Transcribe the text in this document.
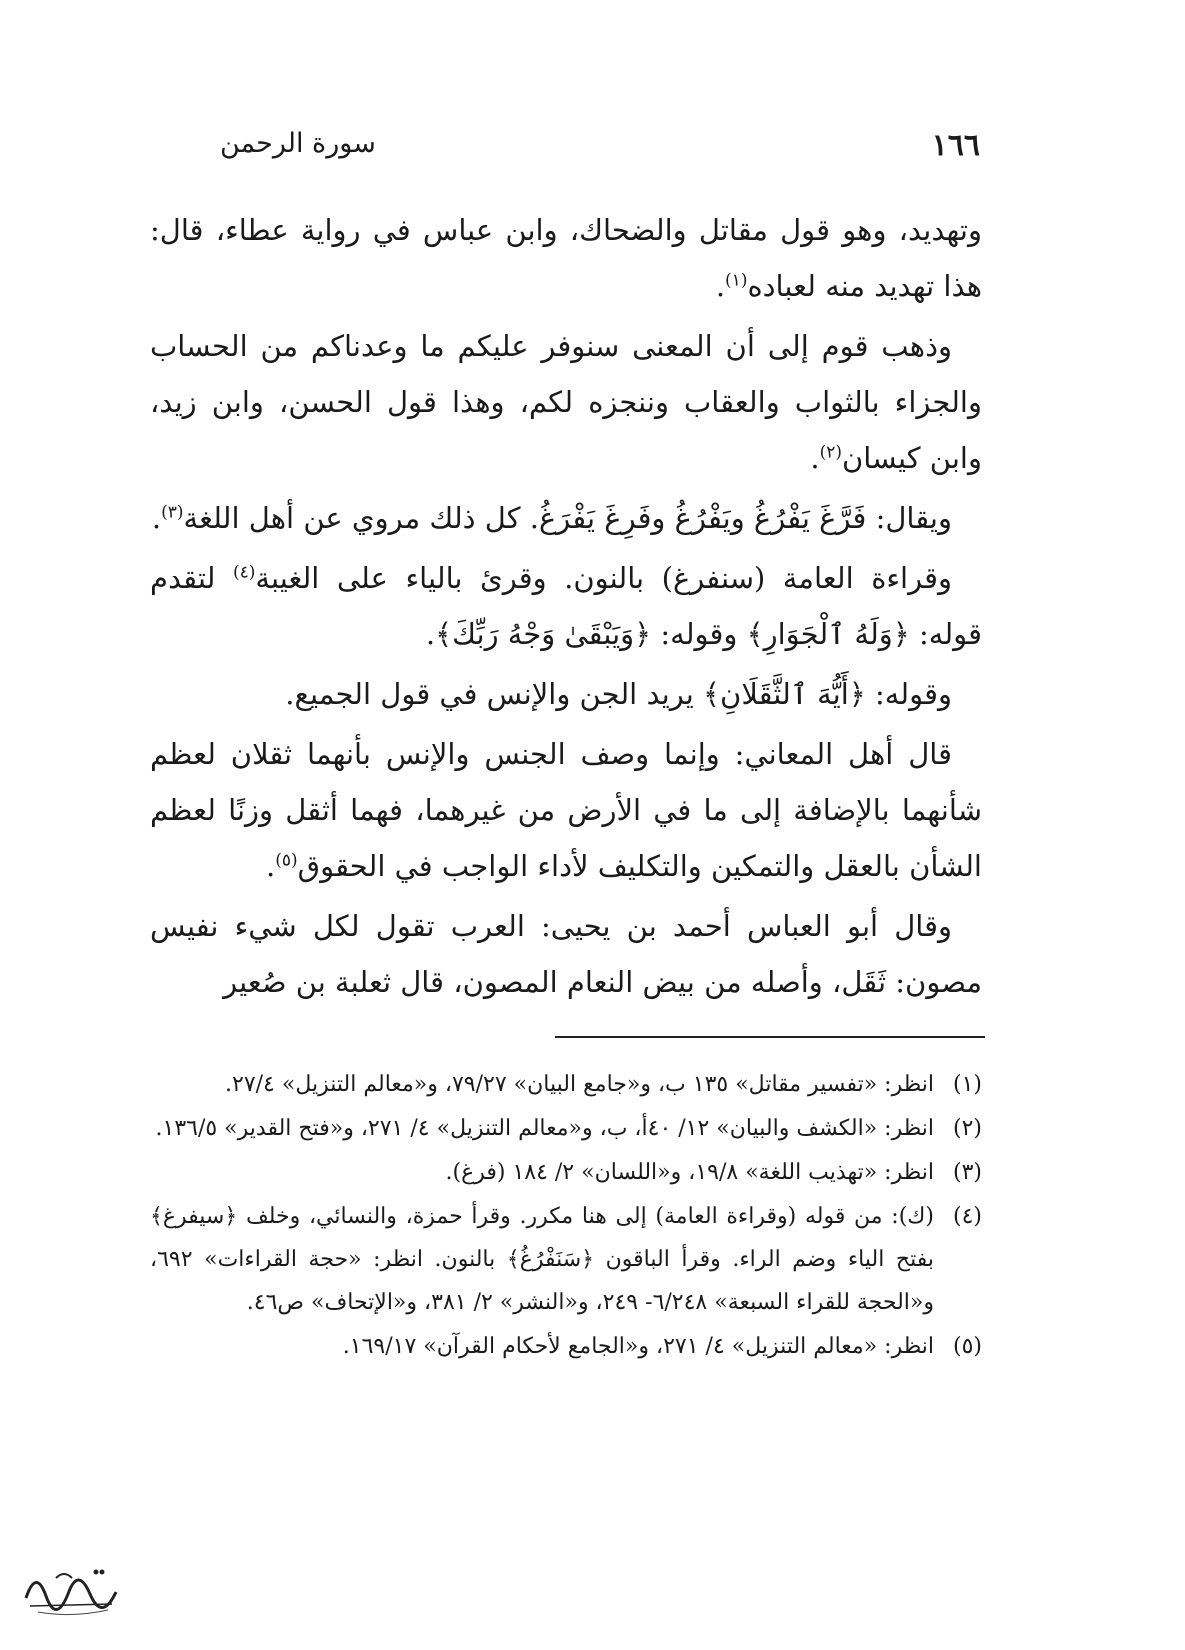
١٦٦
سورة الرحمن

وتهديد، وهو قول مقاتل والضحاك، وابن عباس في رواية عطاء، قال: هذا تهديد منه لعباده$^{(١)}$.

وذهب قوم إلى أن المعنى سنوفر عليكم ما وعدناكم من الحساب والجزاء بالثواب والعقاب وننجزه لكم، وهذا قول الحسن، وابن زيد، وابن كيسان$^{(٢)}$.

ويقال: فَرَّغَ يَفْرُغُ ويَفْرُغُ وفَرِغَ يَفْرَغُ. كل ذلك مروي عن أهل اللغة$^{(٣)}$.

وقراءة العامة (سنفرغ) بالنون. وقرئ بالياء على الغيبة$^{(٤)}$ لتقدم قوله: ﴿وَلَهُ ٱلْجَوَارِ﴾ وقوله: ﴿وَيَبْقَىٰ وَجْهُ رَبِّكَ﴾.

وقوله: ﴿أَيُّهَ ٱلثَّقَلَانِ﴾ يريد الجن والإنس في قول الجميع.

قال أهل المعاني: وإنما وصف الجنس والإنس بأنهما ثقلان لعظم شأنهما بالإضافة إلى ما في الأرض من غيرهما، فهما أثقل وزنًا لعظم الشأن بالعقل والتمكين والتكليف لأداء الواجب في الحقوق$^{(٥)}$.

وقال أبو العباس أحمد بن يحيى: العرب تقول لكل شيء نفيس مصون: ثَقَل، وأصله من بيض النعام المصون، قال ثعلبة بن صُعير

(١)
انظر: «تفسير مقاتل» ١٣٥ ب، و«جامع البيان» ٧٩/٢٧، و«معالم التنزيل» ٢٧/٤.
(٢)
انظر: «الكشف والبيان» ١٢/ ٤٠أ، ب، و«معالم التنزيل» ٤/ ٢٧١، و«فتح القدير» ١٣٦/٥.
(٣)
انظر: «تهذيب اللغة» ١٩/٨، و«اللسان» ٢/ ١٨٤ (فرغ).
(٤)
(ك): من قوله (وقراءة العامة) إلى هنا مكرر. وقرأ حمزة، والنسائي، وخلف ﴿سيفرغ﴾ بفتح الياء وضم الراء. وقرأ الباقون ﴿سَنَفْرُغُ﴾ بالنون. انظر: «حجة القراءات» ٦٩٢، و«الحجة للقراء السبعة» ٦/٢٤٨- ٢٤٩، و«النشر» ٢/ ٣٨١، و«الإتحاف» ص٤٦.
(٥)
انظر: «معالم التنزيل» ٤/ ٢٧١، و«الجامع لأحكام القرآن» ١٦٩/١٧.
